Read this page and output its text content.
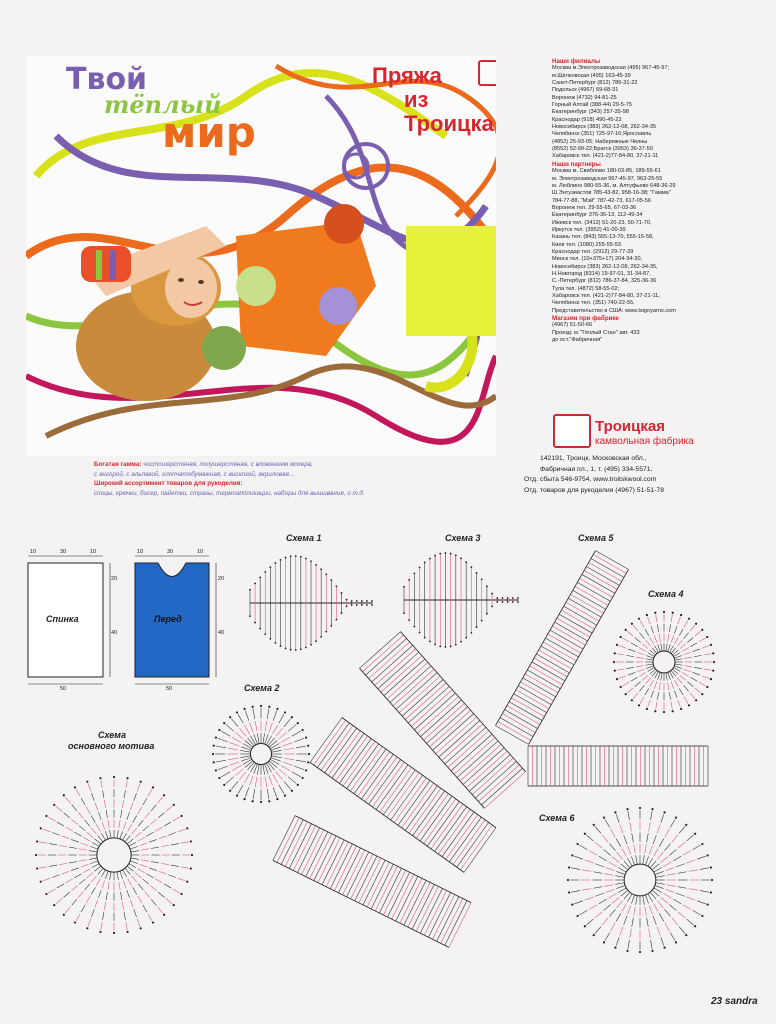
Твой
тёплый
мир
Пряжа
из Троицка
Наши филиалы
Москва м.Электрозаводская (495) 967-45-97;
м.Щёлковская (495) 163-45-39
Санкт-Петербург (812) 786-31-22
Подольск (4967) 69-68-31
Воронеж (4732) 94-81-25
Горный Алтай (388-44) 29-5-75
Екатеринбург (343) 257-35-98
Краснодар (918) 490-45-22
Новосибирск (383) 262-12-08, 262-34-35
Челябинск (351) 725-97-16;Ярославль
(4852) 25-93-05; Набережные Челны
(8552) 52-99-22;Братск (3953) 36-37-50
Хабаровск тел. (421-2)77-84-80, 37-21-11
Наши партнеры
Москва м. Свиблово 180-03-85, 189-55-61
м. Электрозаводская 967-45-97, 963-25-55
м. Люблино 980-55-36, м. Алтуфьево 648-36-29
Ш.Энтузиастов 785-43-82, 958-16-38; "Гамма"
784-77-88, "Мэй" 787-42-73, 617-05-56
Воронеж тел. 29-55-65, 67-03-36
Екатеринбург 376-36-13, 112-49-34
Ижевск тел. (3412) 51-20-23, 50-71-70,
Иркутск тел. (3952) 41-00-39
Казань тел. (843) 555-13-70, 555-15-58,
Киев тел. (1080) 255-55-53
Краснодар тел. (2912) 29-77-39
Минск тел. (10+375+17) 204-34-30,
Новосибирск (383) 262-12-08, 262-34-35,
Н.Новгород (8314) 19-97-01, 31-34-87,
С.-Петербург (812) 786-37-84, 325-36-36
Тула тел. (4872) 58-55-02;
Хабаровск тел. (421-2)77-84-80, 37-21-11,
Челябинск тел. (351) 740-22-55.
Представительство в США: www.tsigoyarns.com
Магазин при фабрике
(4967) 51-50-66
Проезд: м."Тёплый Стан" авт. 433
до ост."Фабричная"
Троицкая
камвольная фабрика
142191, Троицк, Московская обл.,
Фабричная пл., 1, т. (495) 334-5571,
Отд. сбыта 546-9754, www.troitskwool.com
Отд. товаров для рукоделия (4967) 51-51-78
Богатая гамма: чистошерстяная, полушерстяная, с вложением мохера,
с ангорой, с альпакой, хлопчатобумажная, с вискозой, акриловая...
Широкий ассортимент товаров для рукоделия:
спицы, крючки, бисер, пайетки, стразы, термоаппликации, наборы для вышивания, и т.д.
Спинка	Перед
10	30	10
20
40
50
10	30	10
20
40
50
Схема 1	Схема 3	Схема 5
Схема 4
Схема 2
Схема 6
Схема
основного мотива
23 sandra
